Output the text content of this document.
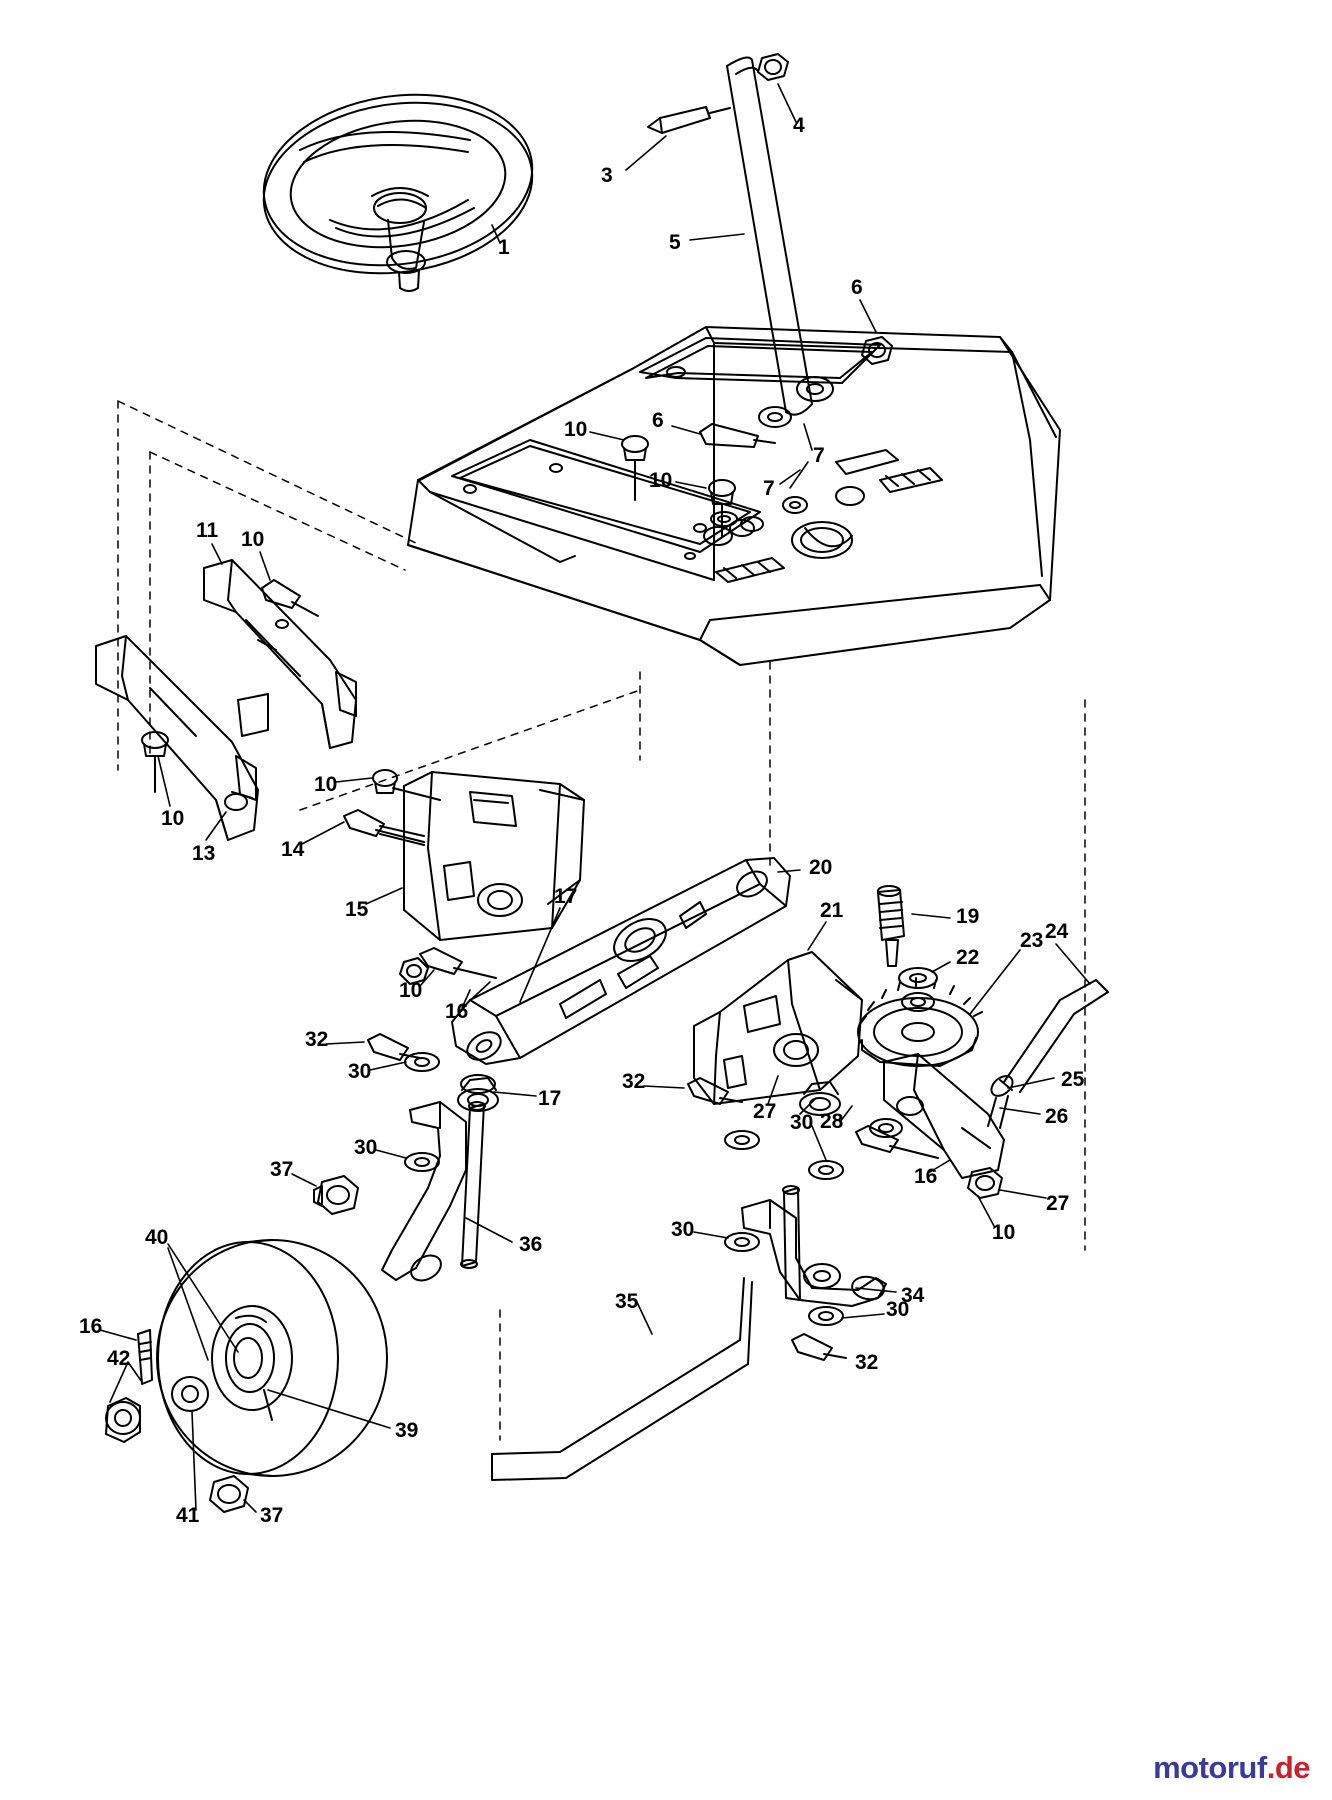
1
3
4
5
6
6
7
7
10
10
11 10
10
13
10
14
15
17
10
16
20
19
21
22
23 24
25
26
32
30
17
32
27 30 28
16
27
10
30
37
36
30
34
40
35	30
32
16
42
39
41	37
motoruf.de
